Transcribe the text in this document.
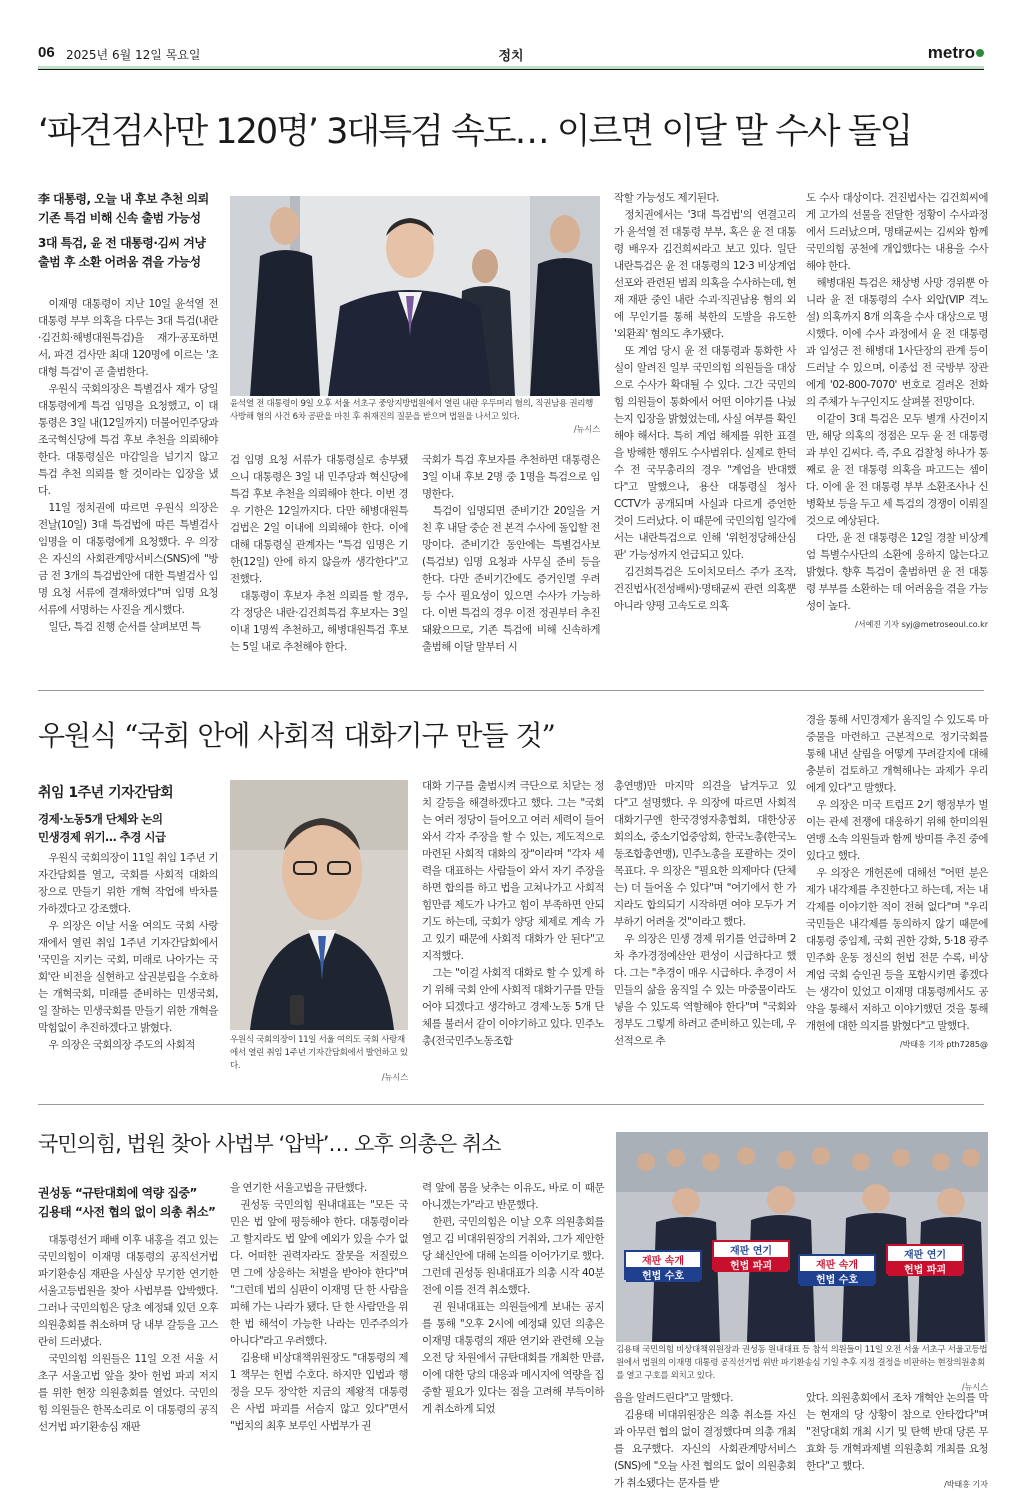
06 2025년 6월 12일 목요일	정치	metro
‘파견검사만 120명’ 3대특검 속도… 이르면 이달 말 수사 돌입
李 대통령, 오늘 내 후보 추천 의뢰
기존 특검 비해 신속 출범 가능성
3대 특검, 윤 전 대통령·김씨 겨냥
출범 후 소환 어려움 겪을 가능성

이재명 대통령이 지난 10일 윤석열 전 대통령 부부 의혹을 다루는 3대 특검(내란·김건희·해병대원특검)을 재가·공포하면서, 파견 검사만 최대 120명에 이르는 '초대형 특검'이 곧 출범한다.

우원식 국회의장은 특별검사 재가 당일 대통령에게 특검 임명을 요청했고, 이 대통령은 3일 내(12일까지) 더불어민주당과 조국혁신당에 특검 후보 추천을 의뢰해야 한다. 대통령실은 마감일을 넘기지 않고 특검 추천 의뢰를 할 것이라는 입장을 냈다.

11일 정치권에 따르면 우원식 의장은 전날(10일) 3대 특검법에 따른 특별검사 임명을 이 대통령에게 요청했다. 우 의장은 자신의 사회관계망서비스(SNS)에 "방금 전 3개의 특검법안에 대한 특별검사 임명 요청 서류에 결재하였다"며 임명 요청 서류에 서명하는 사진을 게시했다.

일단, 특검 진행 순서를 살펴보면 특

윤석열 전 대통령이 9일 오후 서울 서초구 중앙지방법원에서 열린 내란 우두머리 혐의, 직권남용 권리행사방해 혐의 사건 6차 공판을 마친 후 취재진의 질문을 받으며 법원을 나서고 있다.
/뉴시스

검 임명 요청 서류가 대통령실로 송부됐으니 대통령은 3일 내 민주당과 혁신당에 특검 후보 추천을 의뢰해야 한다. 이번 경우 기한은 12일까지다. 다만 해병대원특검법은 2일 이내에 의뢰해야 한다. 이에 대해 대통령실 관계자는 "특검 임명은 기한(12일) 안에 하지 않을까 생각한다"고 전했다.

대통령이 후보자 추천 의뢰를 할 경우, 각 정당은 내란·김건희특검 후보자는 3일 이내 1명씩 추천하고, 해병대원특검 후보는 5일 내로 추천해야 한다.

국회가 특검 후보자를 추천하면 대통령은 3일 이내 후보 2명 중 1명을 특검으로 임명한다.

특검이 임명되면 준비기간 20일을 거친 후 내달 중순 전 본격 수사에 돌입할 전망이다. 준비기간 동안에는 특별검사보(특검보) 임명 요청과 사무실 준비 등을 한다. 다만 준비기간에도 증거인멸 우려 등 수사 필요성이 있으면 수사가 가능하다. 이번 특검의 경우 이전 정권부터 추진돼왔으므로, 기존 특검에 비해 신속하게 출범해 이달 말부터 시

작할 가능성도 제기된다.

정치권에서는 '3대 특검법'의 연결고리가 윤석열 전 대통령 부부, 혹은 윤 전 대통령 배우자 김건희씨라고 보고 있다. 일단 내란특검은 윤 전 대통령의 12·3 비상계엄 선포와 관련된 범죄 의혹을 수사하는데, 현재 재판 중인 내란 수괴·직권남용 혐의 외에 무인기를 통해 북한의 도발을 유도한 '외환죄' 혐의도 추가됐다.

또 계엄 당시 윤 전 대통령과 통화한 사실이 알려진 일부 국민의힘 의원들을 대상으로 수사가 확대될 수 있다. 그간 국민의힘 의원들이 통화에서 어떤 이야기를 나눴는지 입장을 밝혔었는데, 사실 여부를 확인해야 해서다. 특히 계엄 해제를 위한 표결을 방해한 행위도 수사범위다. 실제로 한덕수 전 국무총리의 경우 "계엄을 반대했다"고 말했으나, 용산 대통령실 청사 CCTV가 공개되며 사실과 다르게 증언한 것이 드러났다. 이 때문에 국민의힘 일각에서는 내란특검으로 인해 '위헌정당해산심판' 가능성까지 언급되고 있다.

김건희특검은 도이치모터스 주가 조작, 건진법사(전성배씨)·명태균씨 관련 의혹뿐 아니라 양평 고속도로 의혹

도 수사 대상이다. 건진법사는 김건희씨에게 고가의 선물을 전달한 정황이 수사과정에서 드러났으며, 명태균씨는 김씨와 함께 국민의힘 공천에 개입했다는 내용을 수사해야 한다.

해병대원 특검은 채상병 사망 경위뿐 아니라 윤 전 대통령의 수사 외압(VIP 격노설) 의혹까지 8개 의혹을 수사 대상으로 명시했다. 이에 수사 과정에서 윤 전 대통령과 임성근 전 해병대 1사단장의 관계 등이 드러날 수 있으며, 이종섭 전 국방부 장관에게 '02-800-7070' 번호로 걸려온 전화의 주체가 누구인지도 살펴볼 전망이다.

이같이 3대 특검은 모두 별개 사건이지만, 해당 의혹의 정점은 모두 윤 전 대통령과 부인 김씨다. 즉, 주요 검찰청 하나가 통째로 윤 전 대통령 의혹을 파고드는 셈이다. 이에 윤 전 대통령 부부 소환조사나 신병확보 등을 두고 세 특검의 경쟁이 이뤄질 것으로 예상된다.

다만, 윤 전 대통령은 12일 경찰 비상계엄 특별수사단의 소환에 응하지 않는다고 밝혔다. 향후 특검이 출범하면 윤 전 대통령 부부를 소환하는 데 어려움을 겪을 가능성이 높다.

/서예진 기자 syj@metroseoul.co.kr

우원식 “국회 안에 사회적 대화기구 만들 것”
취임 1주년 기자간담회
경제·노동5개 단체와 논의
민생경제 위기… 추경 시급

우원식 국회의장이 11일 취임 1주년 기자간담회를 열고, 국회를 사회적 대화의 장으로 만들기 위한 개혁 작업에 박차를 가하겠다고 강조했다.

우 의장은 이날 서울 여의도 국회 사랑재에서 열린 취임 1주년 기자간담회에서 '국민을 지키는 국회, 미래로 나아가는 국회'란 비전을 실현하고 삼권분립을 수호하는 개혁국회, 미래를 준비하는 민생국회, 일 잘하는 민생국회를 만들기 위한 개혁을 막힘없이 추진하겠다고 밝혔다.

우 의장은 국회의장 주도의 사회적	우원식 국회의장이 11일 서울 여의도 국회 사랑재에서 열린 취임 1주년 기자간담회에서 발언하고 있다.
/뉴시스

대화 기구를 출범시켜 극단으로 치닫는 정치 갈등을 해결하겠다고 했다. 그는 "국회는 여러 정당이 들어오고 여러 세력이 들어와서 각자 주장을 할 수 있는, 제도적으로 마련된 사회적 대화의 장"이라며 "각자 세력을 대표하는 사람들이 와서 자기 주장을 하면 합의를 하고 법을 고쳐나가고 사회적 힘만큼 제도가 나가고 힘이 부족하면 안되기도 하는데, 국회가 양당 체제로 계속 가고 있기 때문에 사회적 대화가 안 된다"고 지적했다.

그는 "이걸 사회적 대화로 할 수 있게 하기 위해 국회 안에 사회적 대화기구를 만들어야 되겠다고 생각하고 경제·노동 5개 단체를 불러서 같이 이야기하고 있다. 민주노총(전국민주노동조합

총연맹)만 마지막 의견을 남겨두고 있다"고 설명했다. 우 의장에 따르면 사회적 대화기구엔 한국경영자총협회, 대한상공회의소, 중소기업중앙회, 한국노총(한국노동조합총연맹), 민주노총을 포괄하는 것이 목표다. 우 의장은 "필요한 의제마다 (단체는) 더 들어올 수 있다"며 "여기에서 한 가지라도 합의되기 시작하면 여야 모두가 거부하기 어려울 것"이라고 했다.

우 의장은 민생 경제 위기를 언급하며 2차 추가경정예산안 편성이 시급하다고 했다. 그는 "추경이 매우 시급하다. 추경이 서민들의 삶을 움직일 수 있는 마중물이라도 넣을 수 있도록 역할해야 한다"며 "국회와 정부도 그렇게 하려고 준비하고 있는데, 우선적으로 추

경을 통해 서민경제가 움직일 수 있도록 마중물을 마련하고 근본적으로 정기국회를 통해 내년 살림을 어떻게 꾸려갈지에 대해 충분히 검토하고 개혁해나는 과제가 우리에게 있다"고 말했다.

우 의장은 미국 트럼프 2기 행정부가 벌이는 관세 전쟁에 대응하기 위해 한미의원연맹 소속 의원들과 함께 방미를 추진 중에 있다고 했다.

우 의장은 개헌론에 대해선 "어떤 분은 제가 내각제를 추진한다고 하는데, 저는 내각제를 이야기한 적이 전혀 없다"며 "우리 국민들은 내각제를 동의하지 않기 때문에 대통령 중임제, 국회 권한 강화, 5·18 광주 민주화 운동 정신의 헌법 전문 수록, 비상계엄 국회 승인권 등을 포함시키면 좋겠다는 생각이 있었고 이재명 대통령께서도 공약을 통해서 저하고 이야기했던 것을 통해 개헌에 대한 의지를 밝혔다"고 말했다.

/박태홍 기자 pth7285@

국민의힘, 법원 찾아 사법부 ‘압박’… 오후 의총은 취소
권성동 “규탄대회에 역량 집중”
김용태 “사전 협의 없이 의총 취소”

대통령선거 패배 이후 내홍을 겪고 있는 국민의힘이 이재명 대통령의 공직선거법 파기환송심 재판을 사실상 무기한 연기한 서울고등법원을 찾아 사법부를 압박했다. 그러나 국민의힘은 당초 예정돼 있던 오후 의원총회를 취소하며 당 내부 갈등을 고스란히 드러냈다.

국민의힘 의원들은 11일 오전 서울 서초구 서울고법 앞을 찾아 헌법 파괴 저지를 위한 현장 의원총회를 열었다. 국민의힘 의원들은 한목소리로 이 대통령의 공직선거법 파기환송심 재판

을 연기한 서울고법을 규탄했다.

권성동 국민의힘 원내대표는 "모든 국민은 법 앞에 평등해야 한다. 대통령이라고 할지라도 법 앞에 예외가 있을 수가 없다. 어떠한 권력자라도 잘못을 저질렀으면 그에 상응하는 처벌을 받아야 한다"며 "그런데 법의 심판이 이재명 단 한 사람을 피해 가는 나라가 됐다. 단 한 사람만을 위한 법 해석이 가능한 나라는 민주주의가 아니다"라고 우려했다.

김용태 비상대책위원장도 "대통령의 제1 책무는 헌법 수호다. 하지만 입법과 행정을 모두 장악한 지금의 제왕적 대통령은 사법 파괴를 서슴지 않고 있다"면서 "법치의 최후 보루인 사법부가 권

력 앞에 몸을 낮추는 이유도, 바로 이 때문 아니겠는가"라고 반문했다.

한편, 국민의힘은 이날 오후 의원총회를 열고 김 비대위원장의 거취와, 그가 제안한 당 쇄신안에 대해 논의를 이어가기로 했다. 그런데 권성동 원내대표가 의총 시작 40분 전에 이를 전격 취소했다.

권 원내대표는 의원들에게 보내는 공지를 통해 "오후 2시에 예정돼 있던 의총은 이재명 대통령의 재판 연기와 관련해 오늘 오전 당 차원에서 규탄대회를 개최한 만큼, 이에 대한 당의 대응과 메시지에 역량을 집중할 필요가 있다는 점을 고려해 부득이하게 취소하게 되었

재판 속개
헌법 수호
재판 연기
헌법 파괴	재판 속개
헌법 수호
재판 연기
헌법 파괴
김용태 국민의힘 비상대책위원장과 권성동 원내대표 등 참석 의원들이 11일 오전 서울 서초구 서울고등법원에서 법원의 이재명 대통령 공직선거법 위반 파기환송심 기일 추후 지정 결정을 비판하는 현장의원총회를 열고 구호를 외치고 있다.
/뉴시스

음을 알려드린다"고 말했다.

김용태 비대위원장은 의총 취소를 자신과 아무런 협의 없이 결정했다며 의총 개최를 요구했다. 자신의 사회관계망서비스(SNS)에 "오늘 사전 협의도 없이 의원총회가 취소됐다는 문자를 받

았다. 의원총회에서 조차 개혁안 논의를 막는 현재의 당 상황이 참으로 안타깝다"며 "전당대회 개최 시기 및 탄핵 반대 당론 무효화 등 개혁과제별 의원총회 개최를 요청한다"고 했다.

/박태홍 기자
